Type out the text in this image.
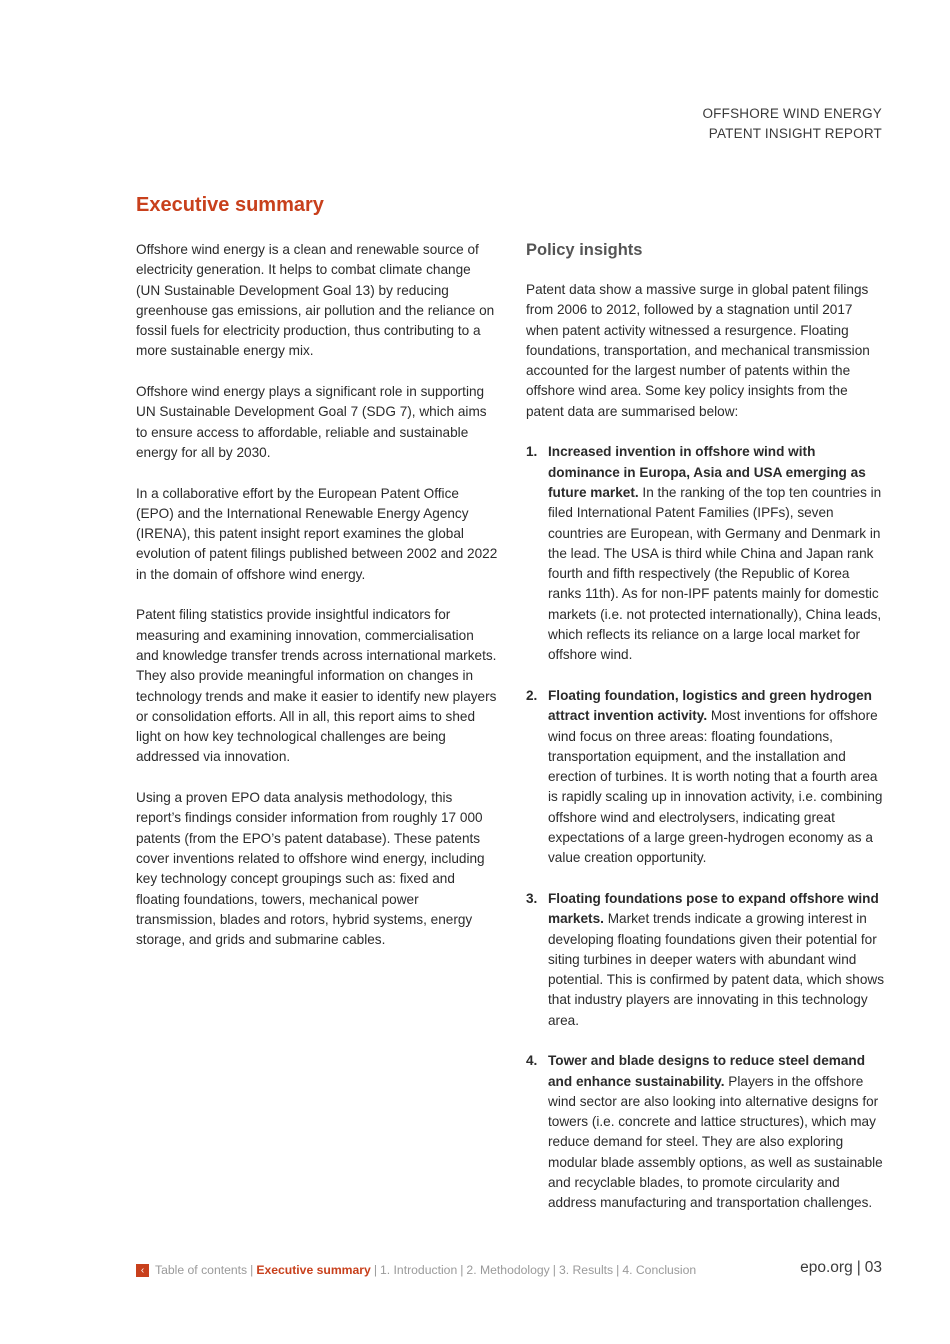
OFFSHORE WIND ENERGY
PATENT INSIGHT REPORT
Executive summary

Offshore wind energy is a clean and renewable source of electricity generation. It helps to combat climate change (UN Sustainable Development Goal 13) by reducing greenhouse gas emissions, air pollution and the reliance on fossil fuels for electricity production, thus contributing to a more sustainable energy mix.

Offshore wind energy plays a significant role in supporting UN Sustainable Development Goal 7 (SDG 7), which aims to ensure access to affordable, reliable and sustainable energy for all by 2030.

In a collaborative effort by the European Patent Office (EPO) and the International Renewable Energy Agency (IRENA), this patent insight report examines the global evolution of patent filings published between 2002 and 2022 in the domain of offshore wind energy.

Patent filing statistics provide insightful indicators for measuring and examining innovation, commercialisation and knowledge transfer trends across international markets. They also provide meaningful information on changes in technology trends and make it easier to identify new players or consolidation efforts. All in all, this report aims to shed light on how key technological challenges are being addressed via innovation.

Using a proven EPO data analysis methodology, this report’s findings consider information from roughly 17 000 patents (from the EPO’s patent database). These patents cover inventions related to offshore wind energy, including key technology concept groupings such as: fixed and floating foundations, towers, mechanical power transmission, blades and rotors, hybrid systems, energy storage, and grids and submarine cables.

Policy insights

Patent data show a massive surge in global patent filings from 2006 to 2012, followed by a stagnation until 2017 when patent activity witnessed a resurgence. Floating foundations, transportation, and mechanical transmission accounted for the largest number of patents within the offshore wind area. Some key policy insights from the patent data are summarised below:

1. Increased invention in offshore wind with dominance in Europa, Asia and USA emerging as future market. In the ranking of the top ten countries in filed International Patent Families (IPFs), seven countries are European, with Germany and Denmark in the lead. The USA is third while China and Japan rank fourth and fifth respectively (the Republic of Korea ranks 11th). As for non-IPF patents mainly for domestic markets (i.e. not protected internationally), China leads, which reflects its reliance on a large local market for offshore wind.
2. Floating foundation, logistics and green hydrogen attract invention activity. Most inventions for offshore wind focus on three areas: floating foundations, transportation equipment, and the installation and erection of turbines. It is worth noting that a fourth area is rapidly scaling up in innovation activity, i.e. combining offshore wind and electrolysers, indicating great expectations of a large green-hydrogen economy as a value creation opportunity.
3. Floating foundations pose to expand offshore wind markets. Market trends indicate a growing interest in developing floating foundations given their potential for siting turbines in deeper waters with abundant wind potential. This is confirmed by patent data, which shows that industry players are innovating in this technology area.
4. Tower and blade designs to reduce steel demand and enhance sustainability. Players in the offshore wind sector are also looking into alternative designs for towers (i.e. concrete and lattice structures), which may reduce demand for steel. They are also exploring modular blade assembly options, as well as sustainable and recyclable blades, to promote circularity and address manufacturing and transportation challenges.
‹ Table of contents | Executive summary | 1. Introduction | 2. Methodology | 3. Results | 4. Conclusion	epo.org | 03
